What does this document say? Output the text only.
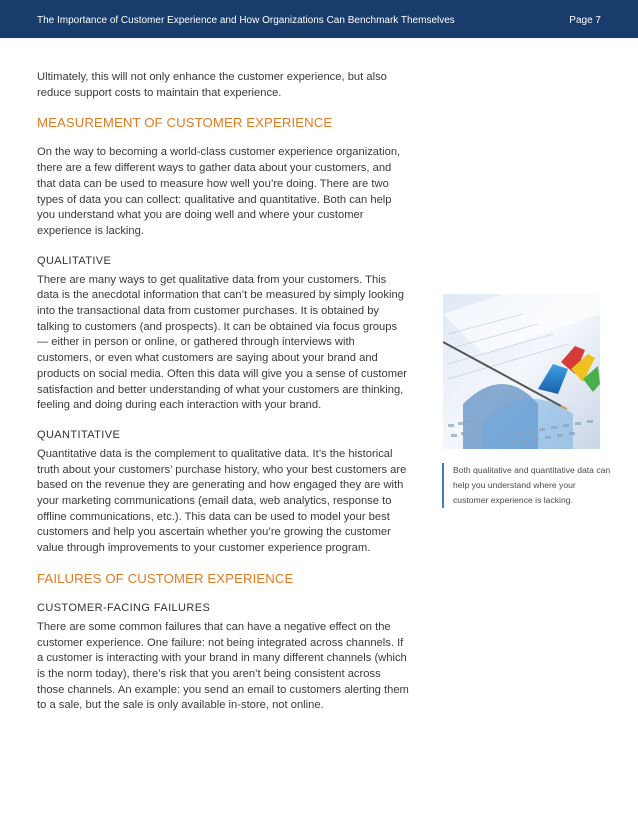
The Importance of Customer Experience and How Organizations Can Benchmark Themselves	Page 7

Ultimately, this will not only enhance the customer experience, but also reduce support costs to maintain that experience.

MEASUREMENT OF CUSTOMER EXPERIENCE

On the way to becoming a world-class customer experience organization, there are a few different ways to gather data about your customers, and that data can be used to measure how well you’re doing. There are two types of data you can collect: qualitative and quantitative. Both can help you understand what you are doing well and where your customer experience is lacking.

QUALITATIVE

There are many ways to get qualitative data from your customers. This data is the anecdotal information that can’t be measured by simply looking into the transactional data from customer purchases. It is obtained by talking to customers (and prospects). It can be obtained via focus groups — either in person or online, or gathered through interviews with customers, or even what customers are saying about your brand and products on social media. Often this data will give you a sense of customer satisfaction and better understanding of what your customers are thinking, feeling and doing during each interaction with your brand.

QUANTITATIVE

Quantitative data is the complement to qualitative data. It’s the historical truth about your customers’ purchase history, who your best customers are based on the revenue they are generating and how engaged they are with your marketing communications (email data, web analytics, response to offline communications, etc.). This data can be used to model your best customers and help you ascertain whether you’re growing the customer value through improvements to your customer experience program.

FAILURES OF CUSTOMER EXPERIENCE
CUSTOMER-FACING FAILURES

There are some common failures that can have a negative effect on the customer experience. One failure: not being integrated across channels. If a customer is interacting with your brand in many different channels (which is the norm today), there’s risk that you aren’t being consistent across those channels. An example: you send an email to customers alerting them to a sale, but the sale is only available in-store, not online.

Both qualitative and quantitative data can help you understand where your customer experience is lacking.
